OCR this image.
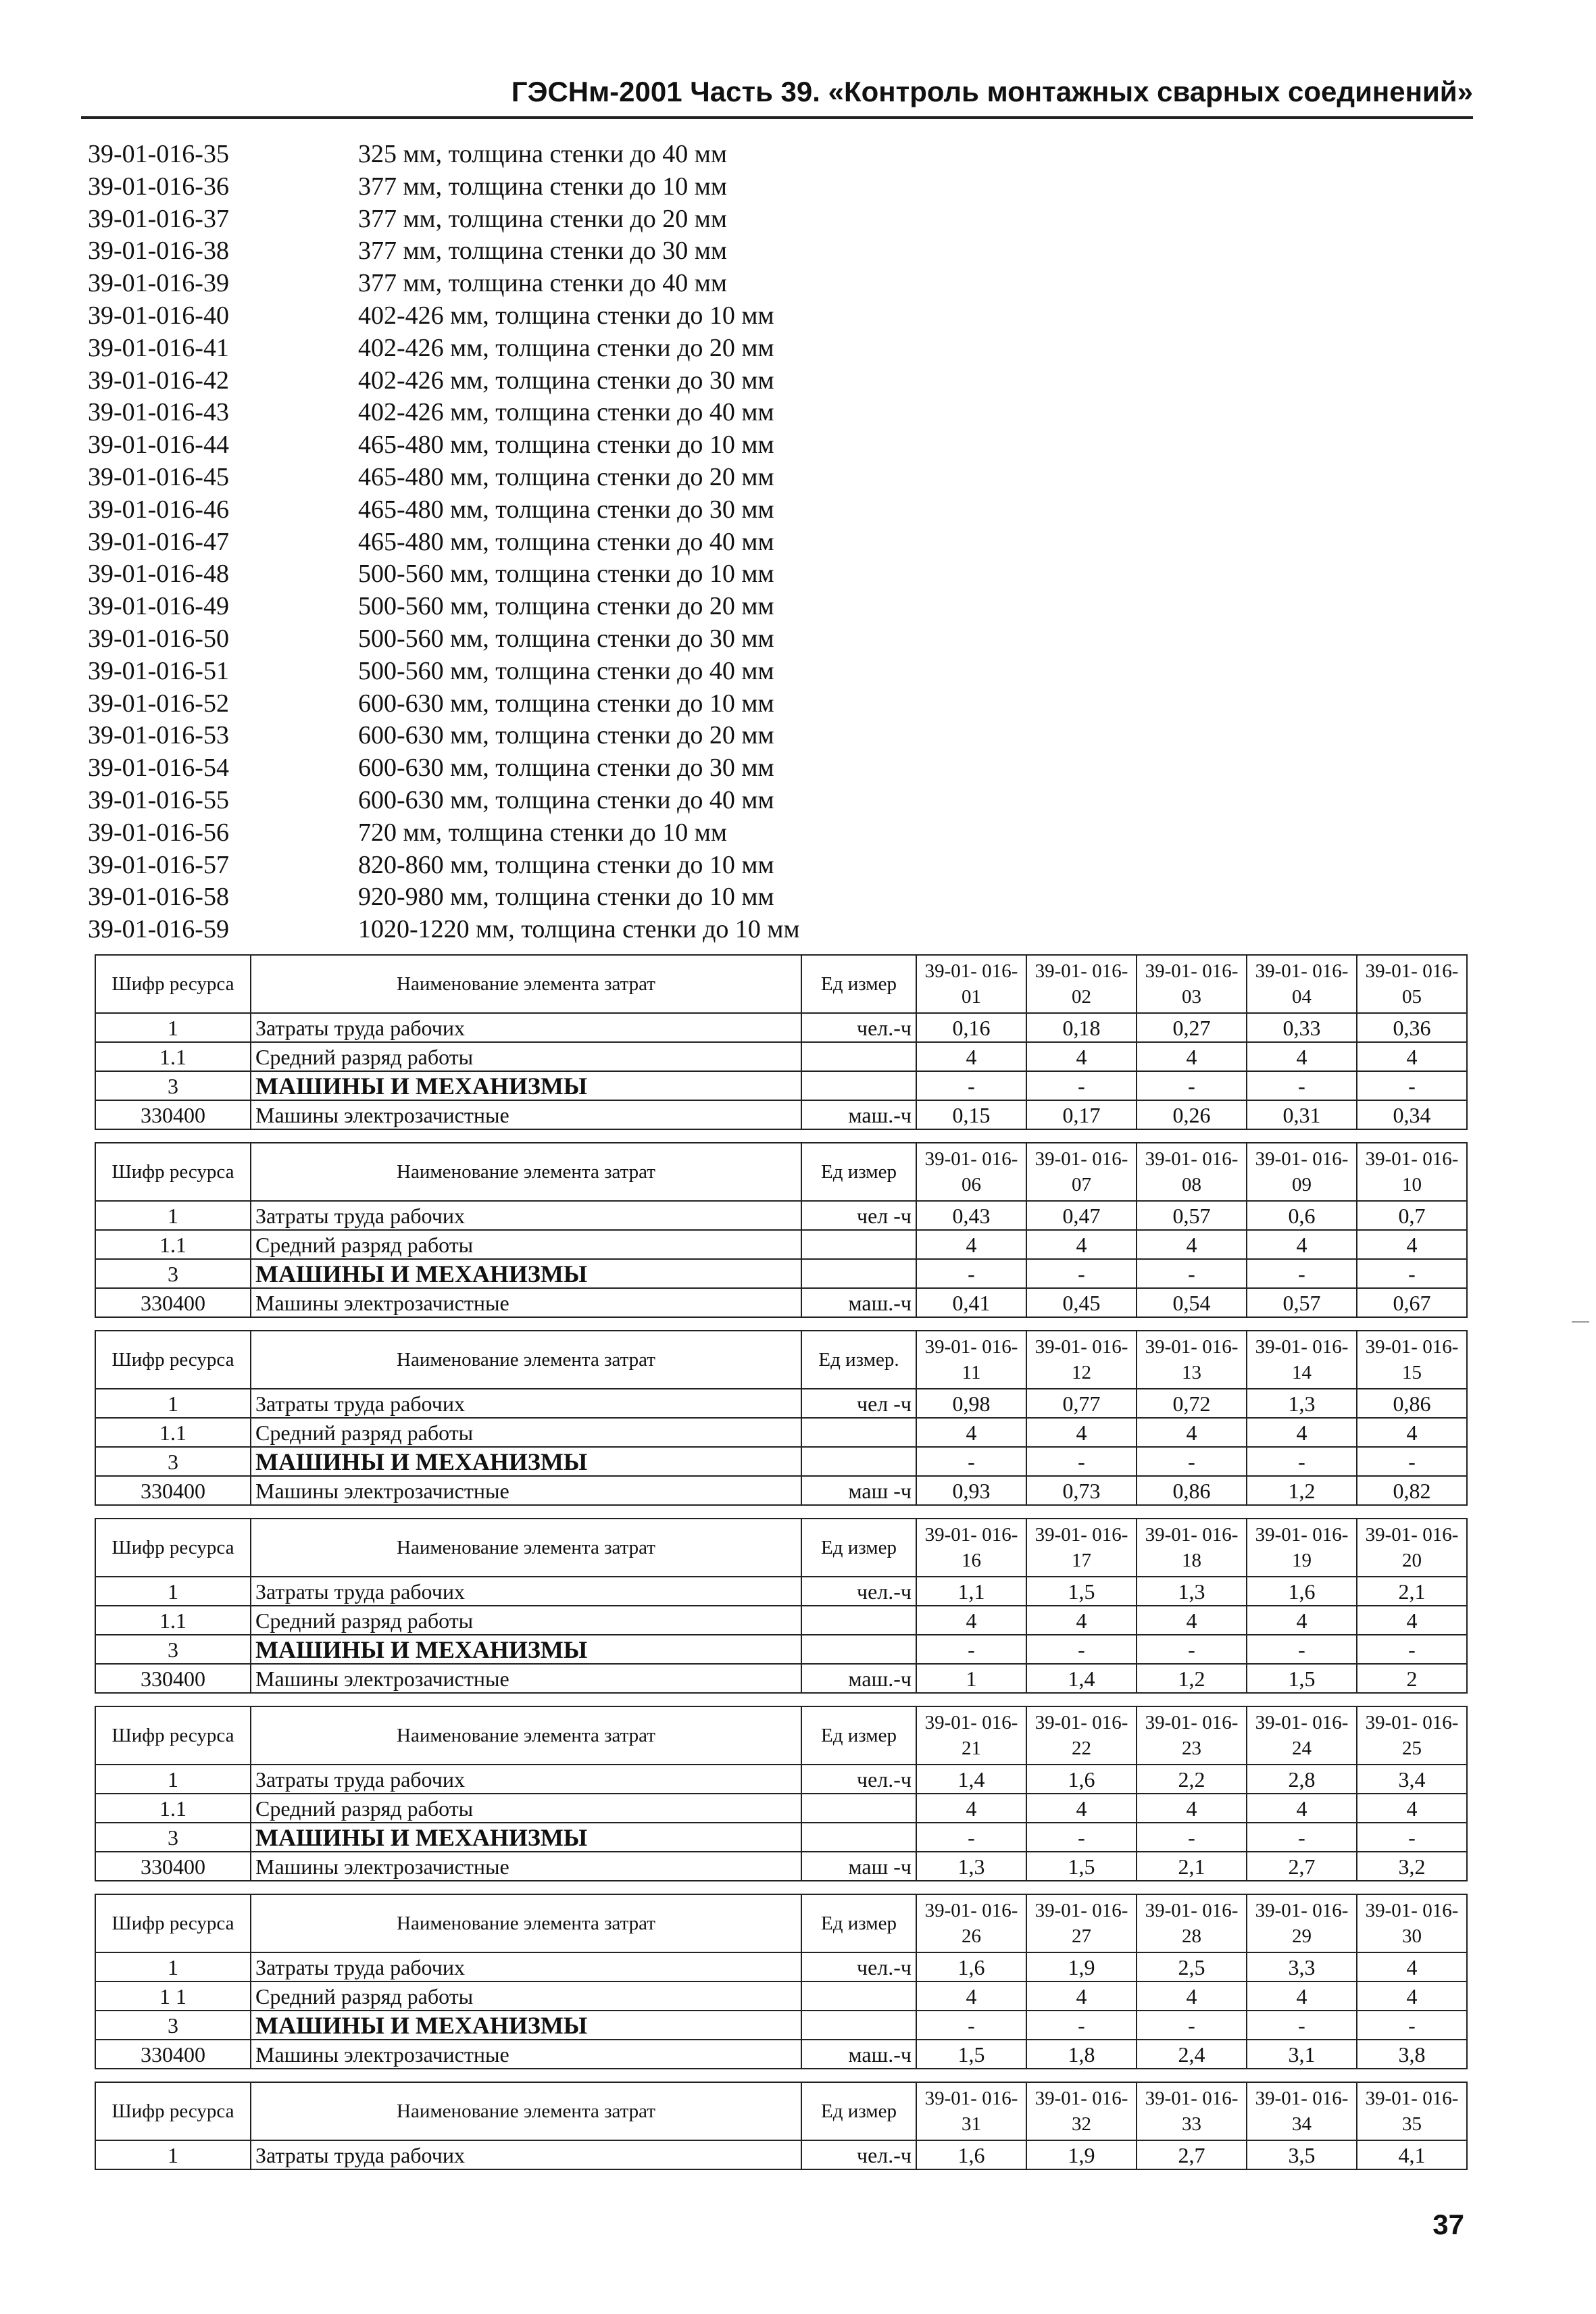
ГЭСНм-2001 Часть 39. «Контроль монтажных сварных соединений»
39-01-016-35	325 мм, толщина стенки до 40 мм
39-01-016-36	377 мм, толщина стенки до 10 мм
39-01-016-37	377 мм, толщина стенки до 20 мм
39-01-016-38	377 мм, толщина стенки до 30 мм
39-01-016-39	377 мм, толщина стенки до 40 мм
39-01-016-40	402-426 мм, толщина стенки до 10 мм
39-01-016-41	402-426 мм, толщина стенки до 20 мм
39-01-016-42	402-426 мм, толщина стенки до 30 мм
39-01-016-43	402-426 мм, толщина стенки до 40 мм
39-01-016-44	465-480 мм, толщина стенки до 10 мм
39-01-016-45	465-480 мм, толщина стенки до 20 мм
39-01-016-46	465-480 мм, толщина стенки до 30 мм
39-01-016-47	465-480 мм, толщина стенки до 40 мм
39-01-016-48	500-560 мм, толщина стенки до 10 мм
39-01-016-49	500-560 мм, толщина стенки до 20 мм
39-01-016-50	500-560 мм, толщина стенки до 30 мм
39-01-016-51	500-560 мм, толщина стенки до 40 мм
39-01-016-52	600-630 мм, толщина стенки до 10 мм
39-01-016-53	600-630 мм, толщина стенки до 20 мм
39-01-016-54	600-630 мм, толщина стенки до 30 мм
39-01-016-55	600-630 мм, толщина стенки до 40 мм
39-01-016-56	720 мм, толщина стенки до 10 мм
39-01-016-57	820-860 мм, толщина стенки до 10 мм
39-01-016-58	920-980 мм, толщина стенки до 10 мм
39-01-016-59	1020-1220 мм, толщина стенки до 10 мм
Шифр ресурса	Наименование элемента затрат	Ед измер	39-01- 016-01	39-01- 016-02	39-01- 016-03	39-01- 016-04	39-01- 016-05
1	Затраты труда рабочих	чел.-ч	0,16	0,18	0,27	0,33	0,36
1.1	Средний разряд работы		4	4	4	4	4
3	МАШИНЫ И МЕХАНИЗМЫ		-	-	-	-	-
330400	Машины электрозачистные	маш.-ч	0,15	0,17	0,26	0,31	0,34
Шифр ресурса	Наименование элемента затрат	Ед измер	39-01- 016-06	39-01- 016-07	39-01- 016-08	39-01- 016-09	39-01- 016-10
1	Затраты труда рабочих	чел -ч	0,43	0,47	0,57	0,6	0,7
1.1	Средний разряд работы		4	4	4	4	4
3	МАШИНЫ И МЕХАНИЗМЫ		-	-	-	-	-
330400	Машины электрозачистные	маш.-ч	0,41	0,45	0,54	0,57	0,67
Шифр ресурса	Наименование элемента затрат	Ед измер.	39-01- 016-11	39-01- 016-12	39-01- 016-13	39-01- 016-14	39-01- 016-15
1	Затраты труда рабочих	чел -ч	0,98	0,77	0,72	1,3	0,86
1.1	Средний разряд работы		4	4	4	4	4
3	МАШИНЫ И МЕХАНИЗМЫ		-	-	-	-	-
330400	Машины электрозачистные	маш -ч	0,93	0,73	0,86	1,2	0,82
Шифр ресурса	Наименование элемента затрат	Ед измер	39-01- 016-16	39-01- 016-17	39-01- 016-18	39-01- 016-19	39-01- 016-20
1	Затраты труда рабочих	чел.-ч	1,1	1,5	1,3	1,6	2,1
1.1	Средний разряд работы		4	4	4	4	4
3	МАШИНЫ И МЕХАНИЗМЫ		-	-	-	-	-
330400	Машины электрозачистные	маш.-ч	1	1,4	1,2	1,5	2
Шифр ресурса	Наименование элемента затрат	Ед измер	39-01- 016-21	39-01- 016-22	39-01- 016-23	39-01- 016-24	39-01- 016-25
1	Затраты труда рабочих	чел.-ч	1,4	1,6	2,2	2,8	3,4
1.1	Средний разряд работы		4	4	4	4	4
3	МАШИНЫ И МЕХАНИЗМЫ		-	-	-	-	-
330400	Машины электрозачистные	маш -ч	1,3	1,5	2,1	2,7	3,2
Шифр ресурса	Наименование элемента затрат	Ед измер	39-01- 016-26	39-01- 016-27	39-01- 016-28	39-01- 016-29	39-01- 016-30
1	Затраты труда рабочих	чел.-ч	1,6	1,9	2,5	3,3	4
1 1	Средний разряд работы		4	4	4	4	4
3	МАШИНЫ И МЕХАНИЗМЫ		-	-	-	-	-
330400	Машины электрозачистные	маш.-ч	1,5	1,8	2,4	3,1	3,8
Шифр ресурса	Наименование элемента затрат	Ед измер	39-01- 016-31	39-01- 016-32	39-01- 016-33	39-01- 016-34	39-01- 016-35
1	Затраты труда рабочих	чел.-ч	1,6	1,9	2,7	3,5	4,1
37
